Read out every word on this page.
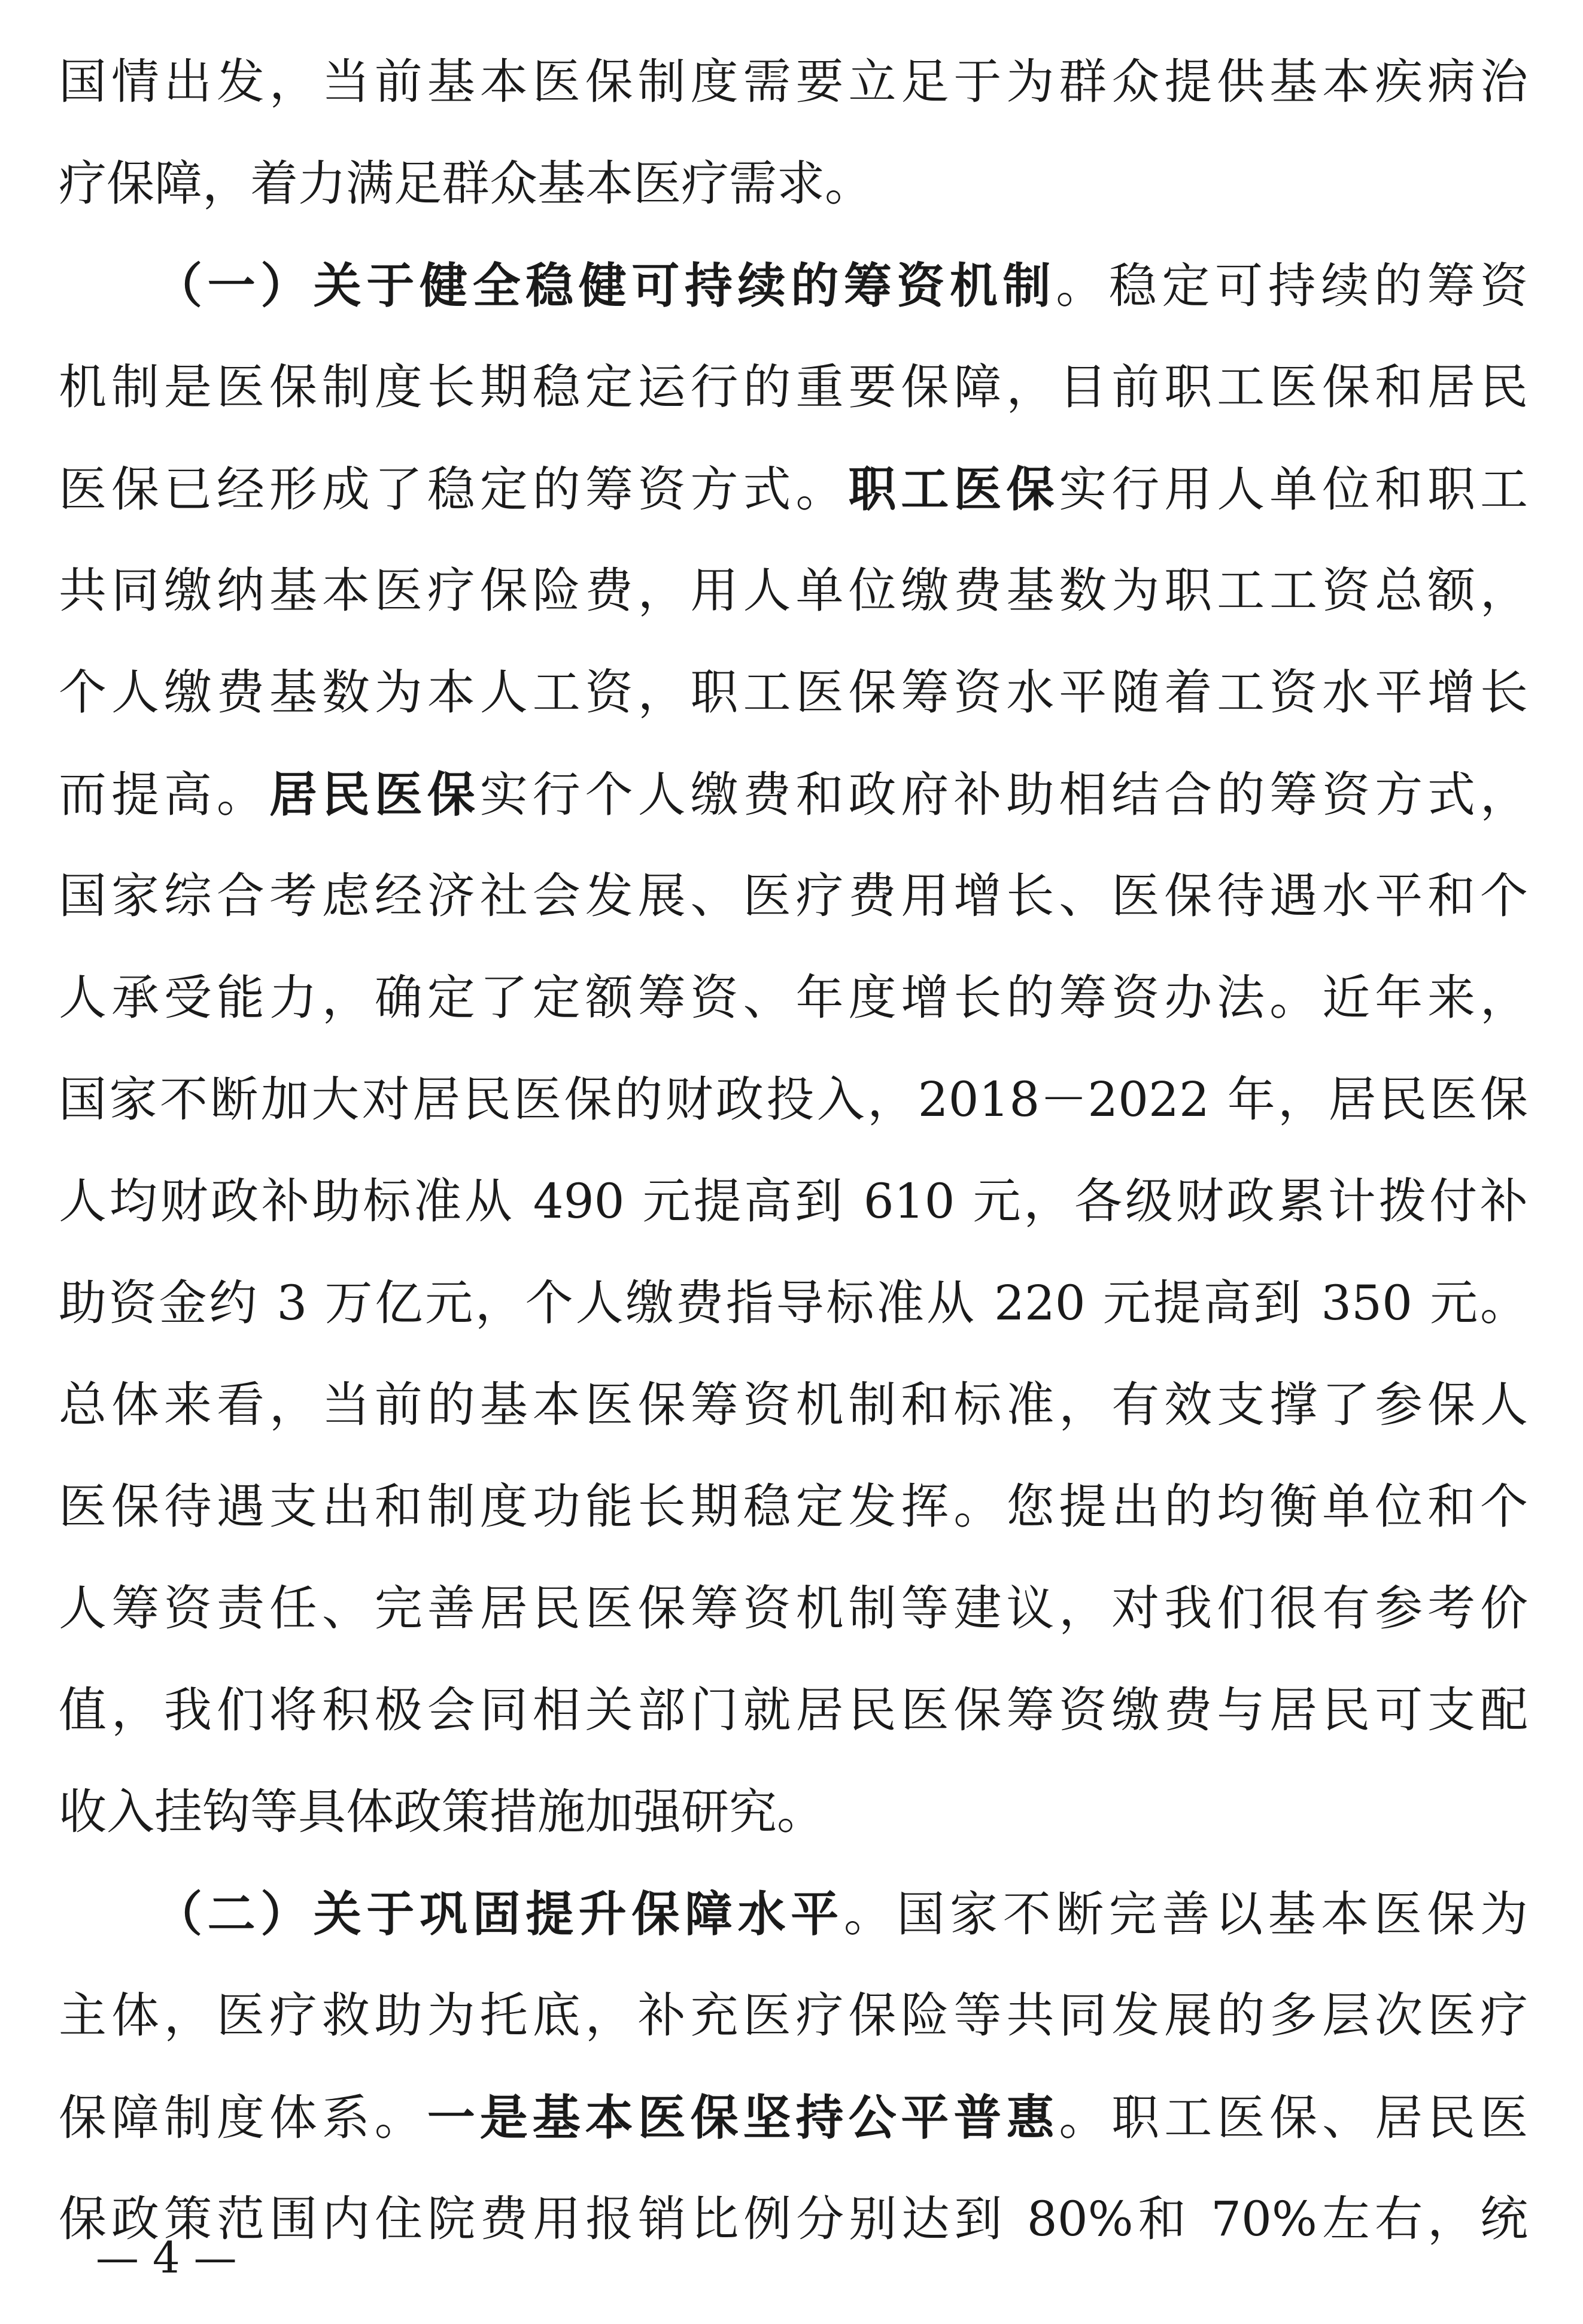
国情出发，当前基本医保制度需要立足于为群众提供基本疾病治
疗保障，着力满足群众基本医疗需求。
（一）关于健全稳健可持续的筹资机制。稳定可持续的筹资
机制是医保制度长期稳定运行的重要保障，目前职工医保和居民
医保已经形成了稳定的筹资方式。职工医保实行用人单位和职工
共同缴纳基本医疗保险费，用人单位缴费基数为职工工资总额，
个人缴费基数为本人工资，职工医保筹资水平随着工资水平增长
而提高。居民医保实行个人缴费和政府补助相结合的筹资方式，
国家综合考虑经济社会发展、医疗费用增长、医保待遇水平和个
人承受能力，确定了定额筹资、年度增长的筹资办法。近年来，
国家不断加大对居民医保的财政投入，2018－2022 年，居民医保
人均财政补助标准从 490 元提高到 610 元，各级财政累计拨付补
助资金约 3 万亿元，个人缴费指导标准从 220 元提高到 350 元。
总体来看，当前的基本医保筹资机制和标准，有效支撑了参保人
医保待遇支出和制度功能长期稳定发挥。您提出的均衡单位和个
人筹资责任、完善居民医保筹资机制等建议，对我们很有参考价
值，我们将积极会同相关部门就居民医保筹资缴费与居民可支配
收入挂钩等具体政策措施加强研究。
（二）关于巩固提升保障水平。国家不断完善以基本医保为
主体，医疗救助为托底，补充医疗保险等共同发展的多层次医疗
保障制度体系。一是基本医保坚持公平普惠。职工医保、居民医
保政策范围内住院费用报销比例分别达到 80%和 70%左右，统
— 4 —
